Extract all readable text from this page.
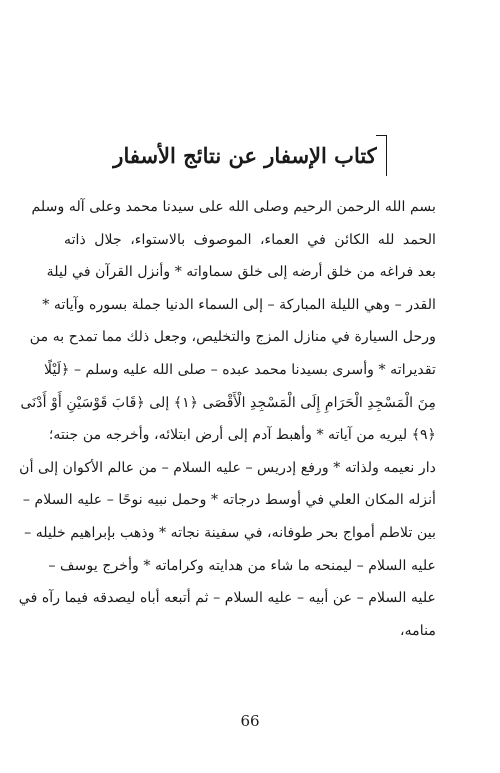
كتاب الإسفار عن نتائج الأسفار
بسم الله الرحمن الرحيم وصلى الله على سيدنا محمد وعلى آله وسلم
الحمد لله الكائن في العماء، الموصوف بالاستواء، جلال ذاته
بعد فراغه من خلق أرضه إلى خلق سماواته * وأنزل القرآن في ليلة
القدر – وهي الليلة المباركة – إلى السماء الدنيا جملة بسوره وآياته *
ورحل السيارة في منازل المزج والتخليص، وجعل ذلك مما تمدح به من
تقديراته * وأسرى بسيدنا محمد عبده – صلى الله عليه وسلم – ﴿لَيْلًا
مِنَ الْمَسْجِدِ الْحَرَامِ إِلَى الْمَسْجِدِ الْأَقْصَى ﴿١﴾ إلى ﴿قَابَ قَوْسَيْنِ أَوْ أَدْنَى
﴿٩﴾ ليريه من آياته * وأهبط آدم إلى أرض ابتلائه، وأخرجه من جنته؛
دار نعيمه ولذاته * ورفع إدريس – عليه السلام – من عالم الأكوان إلى أن
أنزله المكان العلي في أوسط درجاته * وحمل نبيه نوحًا – عليه السلام –
بين تلاطم أمواج بحر طوفانه، في سفينة نجاته * وذهب بإبراهيم خليله –
عليه السلام – ليمنحه ما شاء من هدايته وكراماته * وأخرج يوسف –
عليه السلام – عن أبيه – عليه السلام – ثم أتبعه أباه ليصدقه فيما رآه في
منامه،
66
